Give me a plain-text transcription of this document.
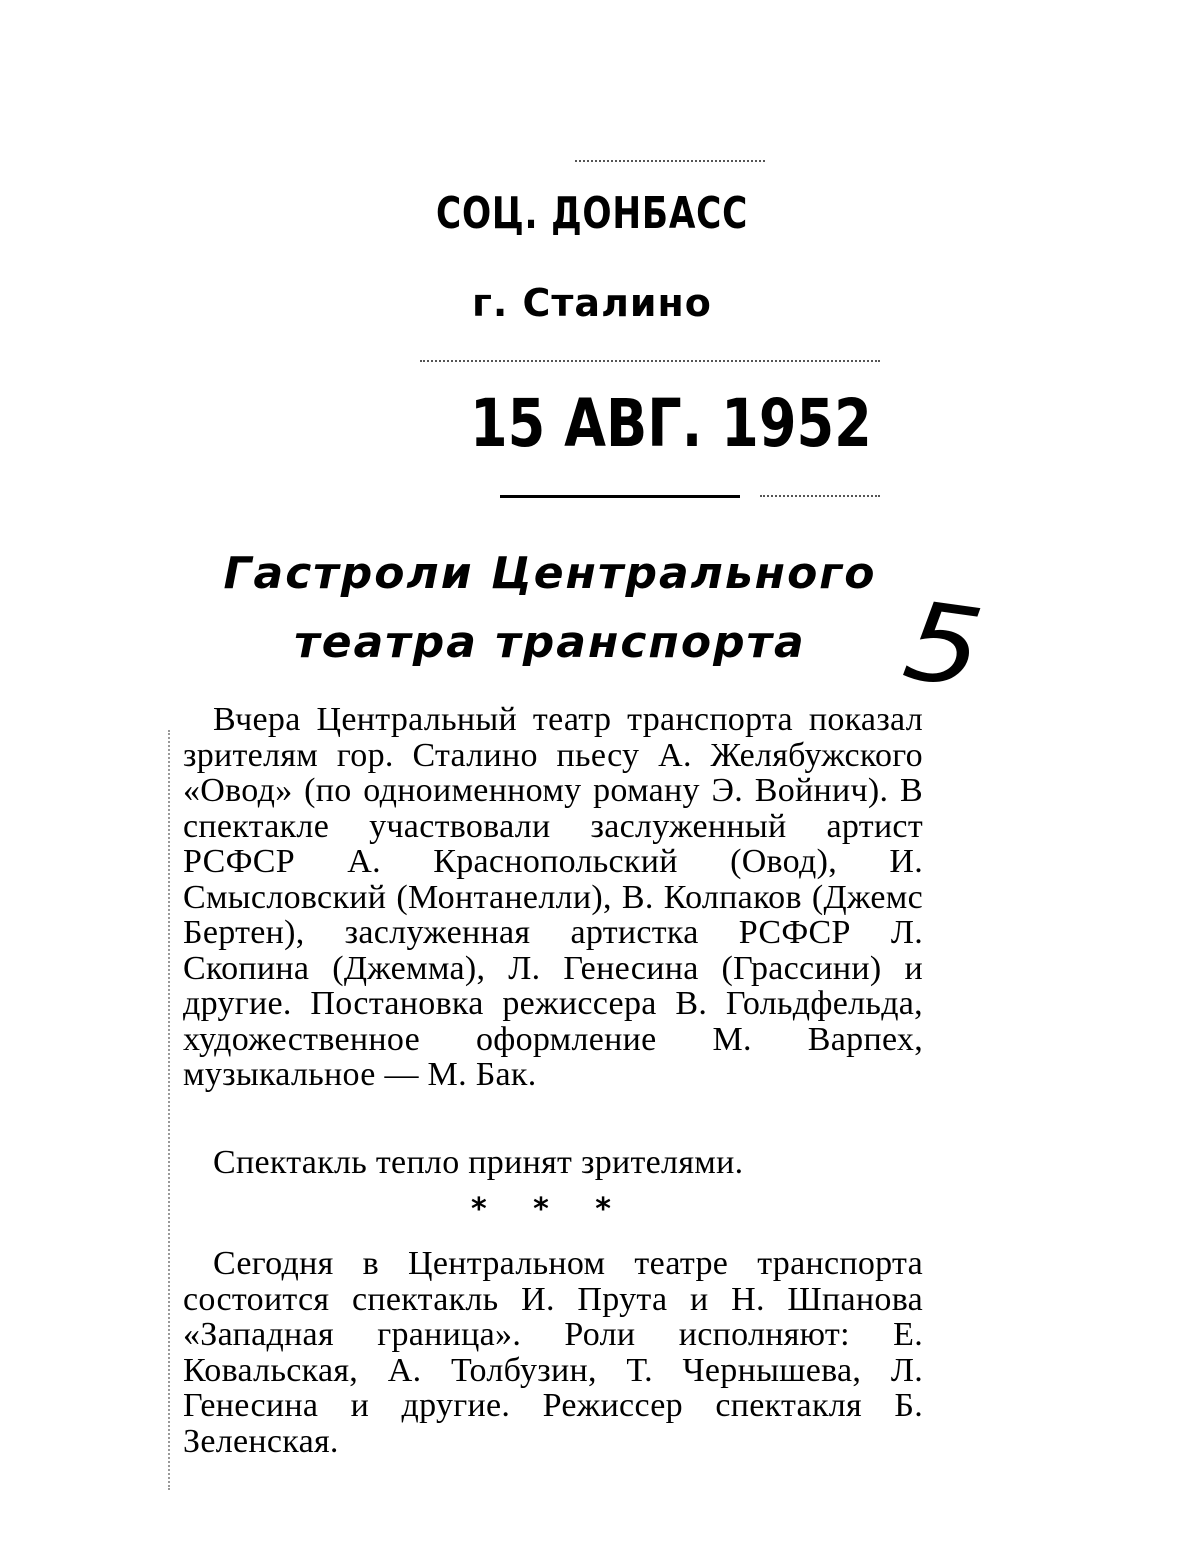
СОЦ. ДОНБАСС
г. Сталино
15 АВГ. 1952
Гастроли Центрального
театра транспорта 5
Вчера Центральный театр транспорта показал зрителям гор. Сталино пьесу А. Желябужского «Овод» (по одноименному роману Э. Войнич). В спектакле участвовали заслуженный артист РСФСР А. Краснопольский (Овод), И. Смысловский (Монтанелли), В. Колпаков (Джемс Бертен), заслуженная артистка РСФСР Л. Скопина (Джемма), Л. Генесина (Грассини) и другие. Постановка режиссера В. Гольдфельда, художественное оформление М. Варпех, музыкальное — М. Бак.
Спектакль тепло принят зрителями.
* * *
Сегодня в Центральном театре транспорта состоится спектакль И. Прута и Н. Шпанова «Западная граница». Роли исполняют: Е. Ковальская, А. Толбузин, Т. Чернышева, Л. Генесина и другие. Режиссер спектакля Б. Зеленская.
